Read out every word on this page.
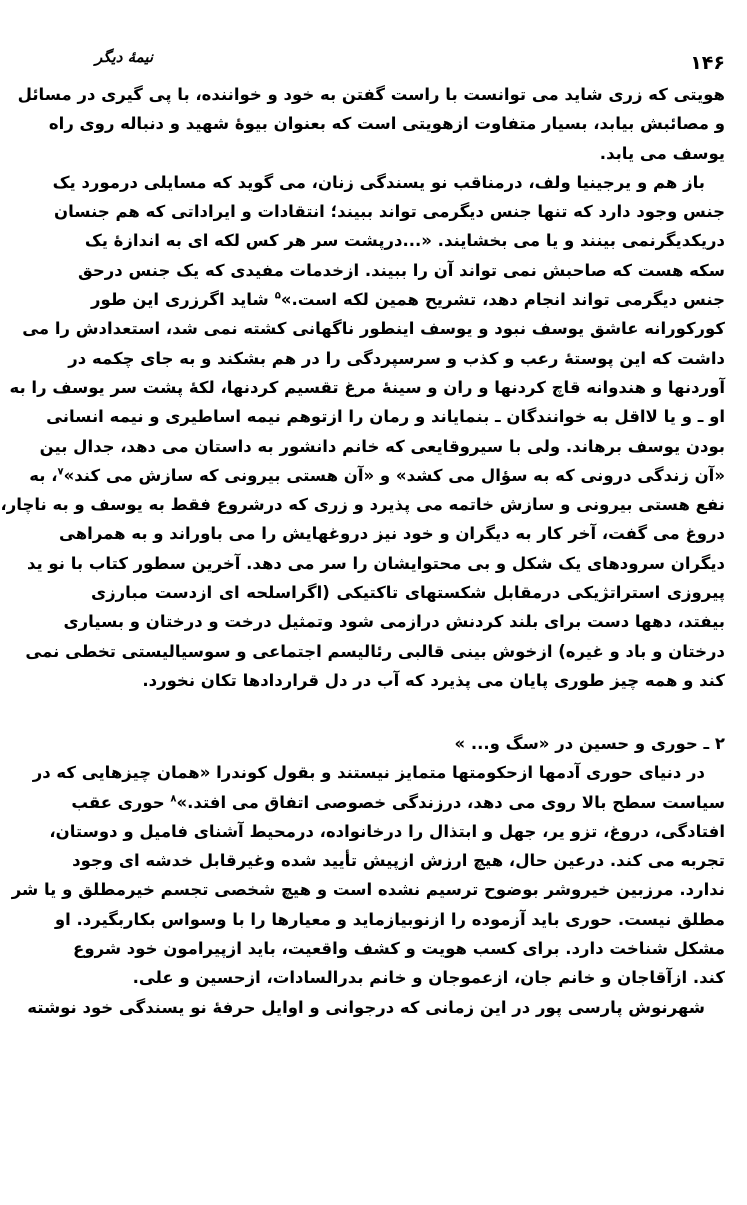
۱۴۶
نیمهٔ دیگر
هویتی که زری شاید می توانست با راست گفتن به خود و خواننده، با پی گیری در مسائل
و مصائبش بیابد، بسیار متفاوت ازهویتی است که بعنوان بیوهٔ شهید و دنباله روی راه
یوسف می یابد.
باز هم و یرجینیا ولف، درمناقب نو یسندگی زنان، می گوید که مسایلی درمورد یک
جنس وجود دارد که تنها جنس دیگرمی تواند ببیند؛ انتقادات و ایراداتی که هم جنسان
دریکدیگرنمی بینند و یا می بخشایند. «...درپشت سر هر کس لکه ای به اندازهٔ یک
سکه هست که صاحبش نمی تواند آن را ببیند. ازخدمات مفیدی که یک جنس درحق
جنس دیگرمی تواند انجام دهد، تشریح همین لکه است.»$^۵$ شاید اگرزری این طور
کورکورانه عاشق یوسف نبود و یوسف اینطور ناگهانی کشته نمی شد، استعدادش را می
داشت که این پوستهٔ رعب و کذب و سرسپردگی را در هم بشکند و به جای چکمه در
آوردنها و هندوانه قاچ کردنها و ران و سینهٔ مرغ تقسیم کردنها، لکهٔ پشت سر یوسف را به
او ـ و یا لااقل به خوانندگان ـ بنمایاند و رمان را ازتوهم نیمه اساطیری و نیمه انسانی
بودن یوسف برهاند. ولی با سیروقایعی که خانم دانشور به داستان می دهد، جدال بین
«آن زندگی درونی که به سؤال می کشد» و «آن هستی بیرونی که سازش می کند»$^۷$، به
نفع هستی بیرونی و سازش خاتمه می پذیرد و زری که درشروع فقط به یوسف و به ناچار،
دروغ می گفت، آخر کار به دیگران و خود نیز دروغهایش را می باوراند و به همراهی
دیگران سرودهای یک شکل و بی محتوایشان را سر می دهد. آخرین سطور کتاب با نو ید
پیروزی استراتژیکی درمقابل شکستهای تاکتیکی (اگراسلحه ای ازدست مبارزی
بیفتد، دهها دست برای بلند کردنش درازمی شود وتمثیل درخت و درختان و بسیاری
درختان و باد و غیره) ازخوش بینی قالبی رئالیسم اجتماعی و سوسیالیستی تخطی نمی
کند و همه چیز طوری پایان می پذیرد که آب در دل قراردادها تکان نخورد.
۲ ـ حوری و حسین در «سگ و... »
در دنیای حوری آدمها ازحکومتها متمایز نیستند و بقول کوندرا «همان چیزهایی که در
سیاست سطح بالا روی می دهد، درزندگی خصوصی اتفاق می افتد.»$^۸$ حوری عقب
افتادگی، دروغ، تزو یر، جهل و ابتذال را درخانواده، درمحیط آشنای فامیل و دوستان،
تجربه می کند. درعین حال، هیچ ارزش ازپیش تأیید شده وغیرقابل خدشه ای وجود
ندارد. مرزبین خیروشر بوضوح ترسیم نشده است و هیچ شخصی تجسم خیرمطلق و یا شر
مطلق نیست. حوری باید آزموده را ازنوبیازماید و معیارها را با وسواس بکاربگیرد. او
مشکل شناخت دارد. برای کسب هویت و کشف واقعیت، باید ازپیرامون خود شروع
کند. ازآقاجان و خانم جان، ازعموجان و خانم بدرالسادات، ازحسین و علی.
شهرنوش پارسی پور در این زمانی که درجوانی و اوایل حرفهٔ نو یسندگی خود نوشته
